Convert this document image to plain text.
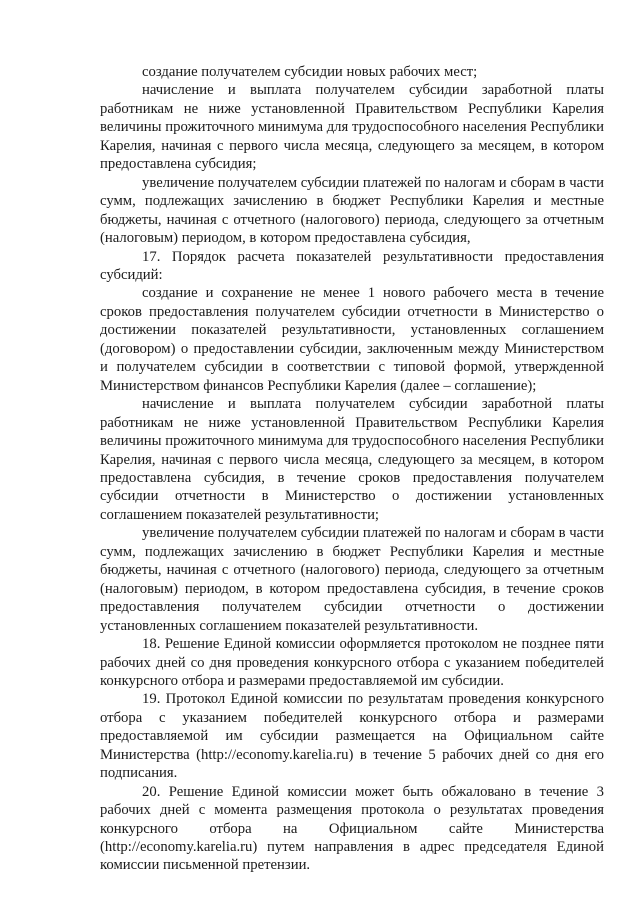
создание получателем субсидии новых рабочих мест;

начисление и выплата получателем субсидии заработной платы работникам не ниже установленной Правительством Республики Карелия величины прожиточного минимума для трудоспособного населения Республики Карелия, начиная с первого числа месяца, следующего за месяцем, в котором предоставлена субсидия;

увеличение получателем субсидии платежей по налогам и сборам в части сумм, подлежащих зачислению в бюджет Республики Карелия и местные бюджеты, начиная с отчетного (налогового) периода, следующего за отчетным (налоговым) периодом, в котором предоставлена субсидия,

17. Порядок расчета показателей результативности предоставления субсидий:

создание и сохранение не менее 1 нового рабочего места в течение сроков предоставления получателем субсидии отчетности в Министерство о достижении показателей результативности, установленных соглашением (договором) о предоставлении субсидии, заключенным между Министерством и получателем субсидии в соответствии с типовой формой, утвержденной Министерством финансов Республики Карелия (далее – соглашение);

начисление и выплата получателем субсидии заработной платы работникам не ниже установленной Правительством Республики Карелия величины прожиточного минимума для трудоспособного населения Республики Карелия, начиная с первого числа месяца, следующего за месяцем, в котором предоставлена субсидия, в течение сроков предоставления получателем субсидии отчетности в Министерство о достижении установленных соглашением показателей результативности;

увеличение получателем субсидии платежей по налогам и сборам в части сумм, подлежащих зачислению в бюджет Республики Карелия и местные бюджеты, начиная с отчетного (налогового) периода, следующего за отчетным (налоговым) периодом, в котором предоставлена субсидия, в течение сроков предоставления получателем субсидии отчетности о достижении установленных соглашением показателей результативности.

18. Решение Единой комиссии оформляется протоколом не позднее пяти рабочих дней со дня проведения конкурсного отбора с указанием победителей конкурсного отбора и размерами предоставляемой им субсидии.

19. Протокол Единой комиссии по результатам проведения конкурсного отбора с указанием победителей конкурсного отбора и размерами предоставляемой им субсидии размещается на Официальном сайте Министерства (http://economy.karelia.ru) в течение 5 рабочих дней со дня его подписания.

20. Решение Единой комиссии может быть обжаловано в течение 3 рабочих дней с момента размещения протокола о результатах проведения конкурсного отбора на Официальном сайте Министерства (http://economy.karelia.ru) путем направления в адрес председателя Единой комиссии письменной претензии.
